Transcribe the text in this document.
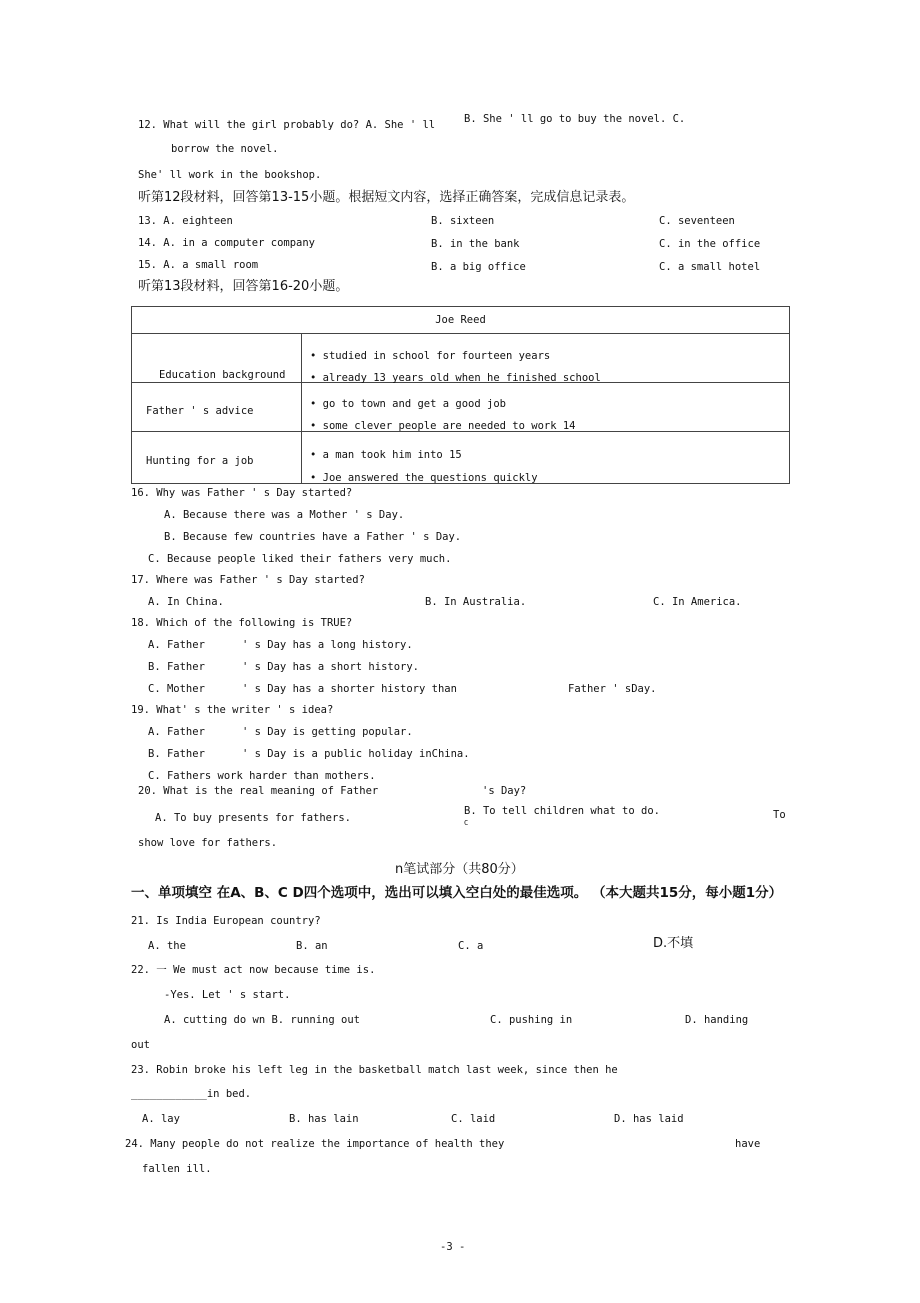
12. What will the girl probably do? A. She ' ll	B. She ' ll go to buy the novel. C.
borrow the novel.
She' ll work in the bookshop.
听第12段材料，回答第13-15小题。根据短文内容，选择正确答案，完成信息记录表。
13. A. eighteen	B. sixteen	C. seventeen
14. A. in a computer company	B. in the bank	C. in the office
15. A. a small room	B. a big office	C. a small hotel
听第13段材料，回答第16-20小题。
Joe Reed	

Education background	• studied in school for fourteen years
• already 13 years old when he finished school

Father ' s advice	• go to town and get a good job
• some clever people are needed to work 14

Hunting for a job	• a man took him into 15
• Joe answered the questions quickly
16. Why was Father ' s Day started?
A. Because there was a Mother ' s Day.
B. Because few countries have a Father ' s Day.
C. Because people liked their fathers very much.
17. Where was Father ' s Day started?
A. In China.	B. In Australia.	C. In America.
18. Which of the following is TRUE?
A. Father	' s Day has a long history.
B. Father	' s Day has a short history.
C. Mother	' s Day has a shorter history than	Father ' sDay.
19. What' s the writer ' s idea?
A. Father	' s Day is getting popular.
B. Father	' s Day is a public holiday inChina.
C. Fathers work harder than mothers.
20. What is the real meaning of Father	's Day?
A. To buy presents for fathers.
B. To tell children what to do.
C
To
show love for fathers.
n笔试部分（共80分）
一、单项填空 在A、B、C D四个选项中，选出可以填入空白处的最佳选项。 （本大题共15分，每小题1分）
21. Is India European country?
A. the	B. an	C. a	D.不填
22. 一 We must act now because time is.
-Yes. Let ' s start.
A. cutting do wn B. running out	C. pushing in	D. handing
out
23. Robin broke his left leg in the basketball match last week, since then he
____________in bed.
A. lay	B. has lain	C. laid	D. has laid
24. Many people do not realize the importance of health they	have
fallen ill.
-3 -
